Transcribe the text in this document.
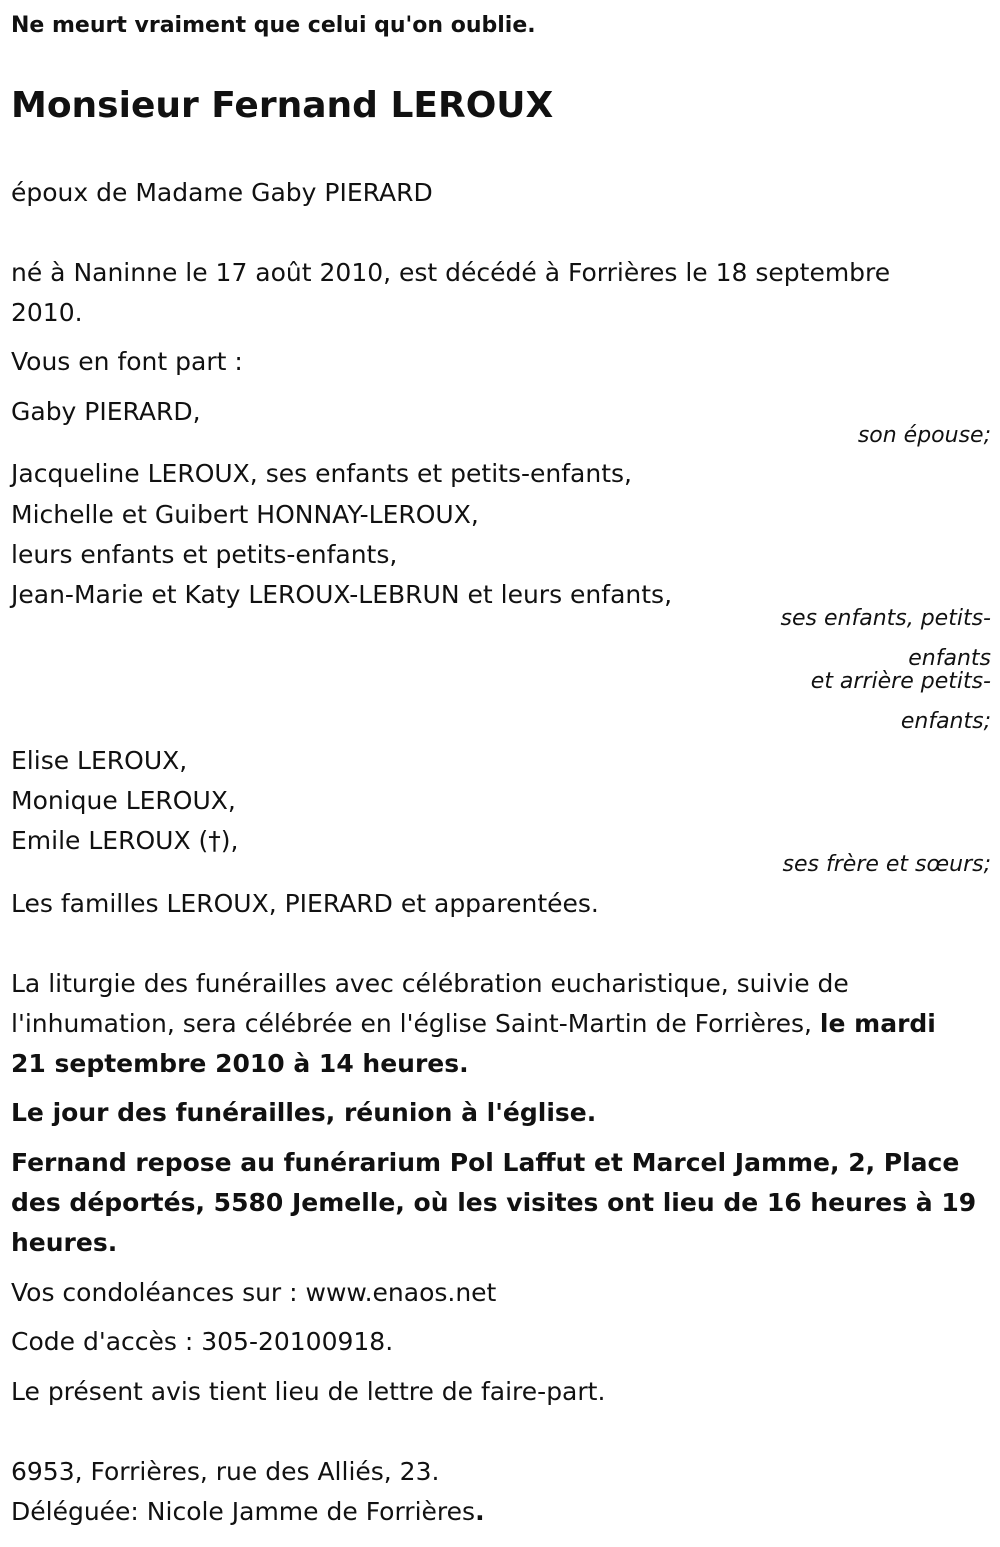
Ne meurt vraiment que celui qu'on oublie.
Monsieur Fernand LEROUX
époux de Madame Gaby PIERARD
né à Naninne le 17 août 2010, est décédé à Forrières le 18 septembre
2010.
Vous en font part :
Gaby PIERARD,
son épouse;
Jacqueline LEROUX, ses enfants et petits-enfants,
Michelle et Guibert HONNAY-LEROUX,
leurs enfants et petits-enfants,
Jean-Marie et Katy LEROUX-LEBRUN et leurs enfants,
ses enfants, petits-
enfants
et arrière petits-
enfants;
Elise LEROUX,
Monique LEROUX,
Emile LEROUX (†),
ses frère et sœurs;
Les familles LEROUX, PIERARD et apparentées.
La liturgie des funérailles avec célébration eucharistique, suivie de
l'inhumation, sera célébrée en l'église Saint-Martin de Forrières, le mardi
21 septembre 2010 à 14 heures.
Le jour des funérailles, réunion à l'église.
Fernand repose au funérarium Pol Laffut et Marcel Jamme, 2, Place
des déportés, 5580 Jemelle, où les visites ont lieu de 16 heures à 19
heures.
Vos condoléances sur : www.enaos.net
Code d'accès : 305-20100918.
Le présent avis tient lieu de lettre de faire-part.
6953, Forrières, rue des Alliés, 23.
Déléguée: Nicole Jamme de Forrières.
